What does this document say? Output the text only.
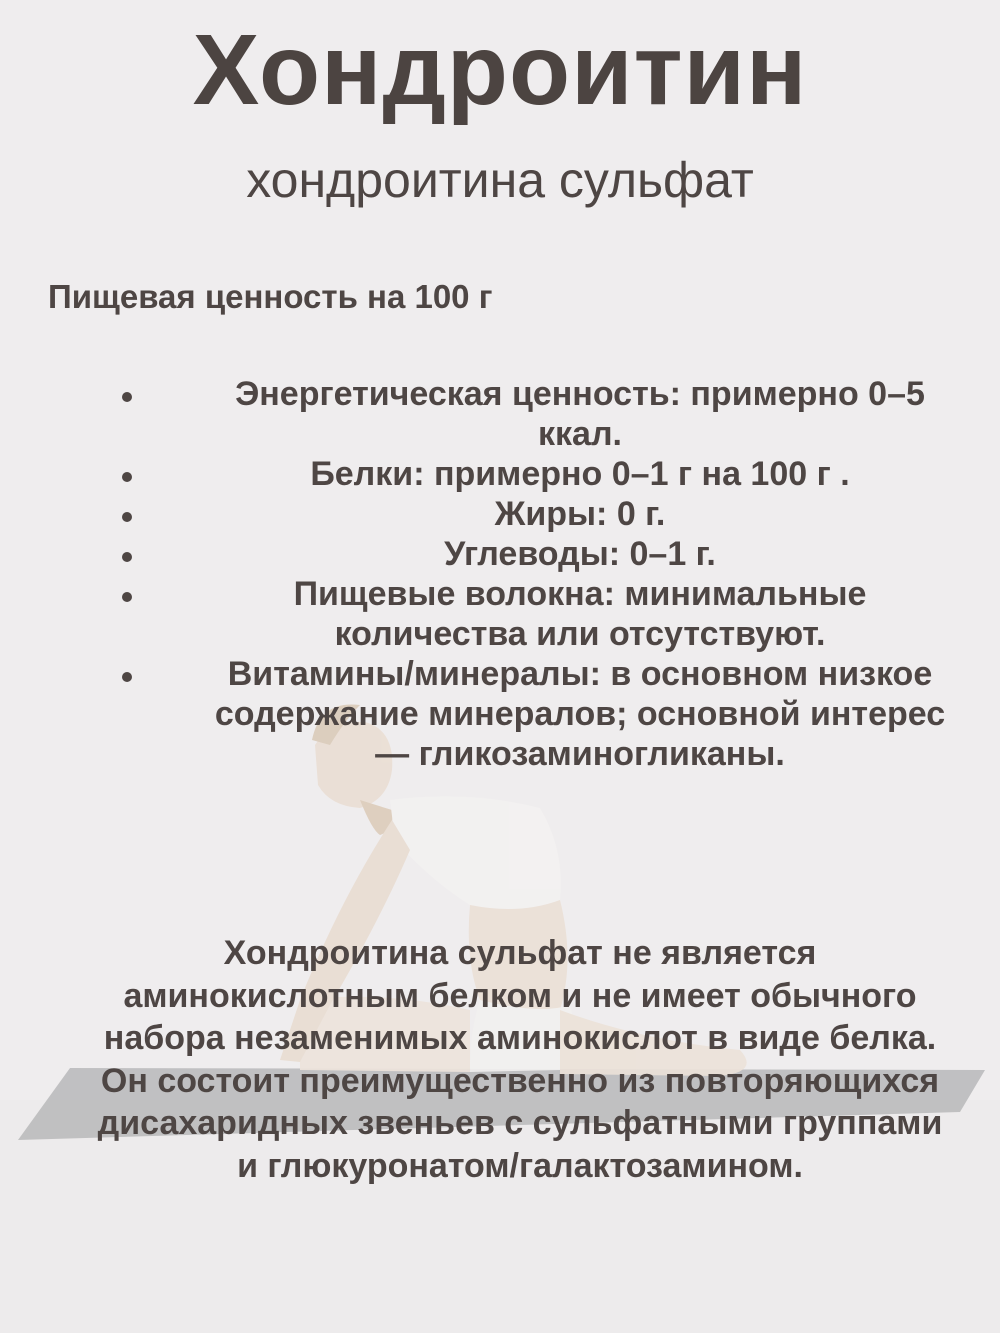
Хондроитин
хондроитина сульфат
Пищевая ценность на 100 г
Энергетическая ценность: примерно 0–5 ккал.
Белки: примерно 0–1 г на 100 г .
Жиры: 0 г.
Углеводы: 0–1 г.
Пищевые волокна: минимальные количества или отсутствуют.
Витамины/минералы: в основном низкое содержание минералов; основной интерес — гликозаминогликаны.

Хондроитина сульфат не является аминокислотным белком и не имеет обычного набора незаменимых аминокислот в виде белка. Он состоит преимущественно из повторяющихся дисахаридных звеньев с сульфатными группами и глюкуронатом/галактозамином.
